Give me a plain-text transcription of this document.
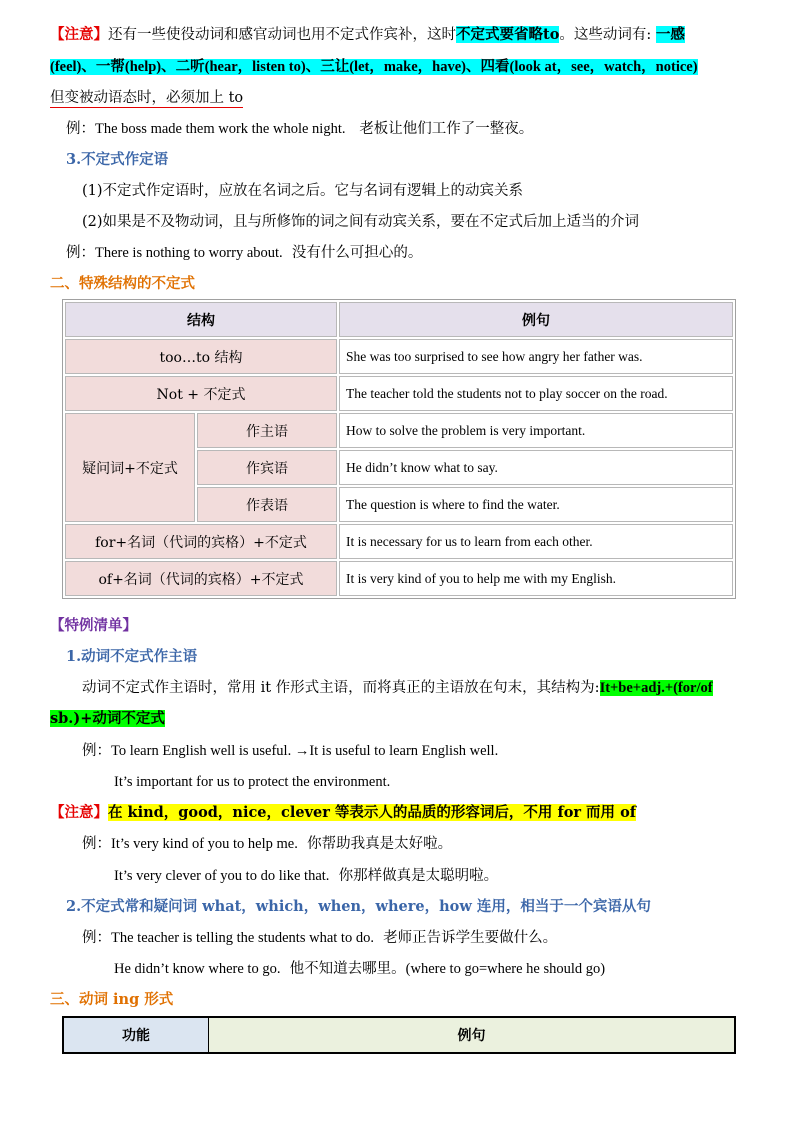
【注意】还有一些使役动词和感官动词也用不定式作宾补，这时不定式要省略to。这些动词有: 一感
(feel)、一帮(help)、二听(hear，listen to)、三让(let，make，have)、四看(look at，see，watch，notice)
但变被动语态时，必须加上 to
例：The boss made them work the whole night. 老板让他们工作了一整夜。
3.不定式作定语
(1)不定式作定语时，应放在名词之后。它与名词有逻辑上的动宾关系
(2)如果是不及物动词，且与所修饰的词之间有动宾关系，要在不定式后加上适当的介词
例：There is nothing to worry about. 没有什么可担心的。
二、特殊结构的不定式
结构		例句
too…to 结构		She was too surprised to see how angry her father was.
Not + 不定式		The teacher told the students not to play soccer on the road.
疑问词+不定式	作主语	How to solve the problem is very important.
	作宾语	He didn’t know what to say.
	作表语	The question is where to find the water.
for+名词（代词的宾格）+不定式		It is necessary for us to learn from each other.
of+名词（代词的宾格）+不定式		It is very kind of you to help me with my English.
【特例清单】
1.动词不定式作主语
动词不定式作主语时，常用 it 作形式主语，而将真正的主语放在句末，其结构为:It+be+adj.+(for/of
sb.)+动词不定式
例：To learn English well is useful. →It is useful to learn English well.
It’s important for us to protect the environment.
【注意】在 kind，good，nice，clever 等表示人的品质的形容词后，不用 for 而用 of
例：It’s very kind of you to help me. 你帮助我真是太好啦。
It’s very clever of you to do like that. 你那样做真是太聪明啦。
2.不定式常和疑问词 what，which，when，where，how 连用，相当于一个宾语从句
例：The teacher is telling the students what to do. 老师正告诉学生要做什么。
He didn’t know where to go. 他不知道去哪里。(where to go=where he should go)
三、动词 ing 形式
功能	例句
